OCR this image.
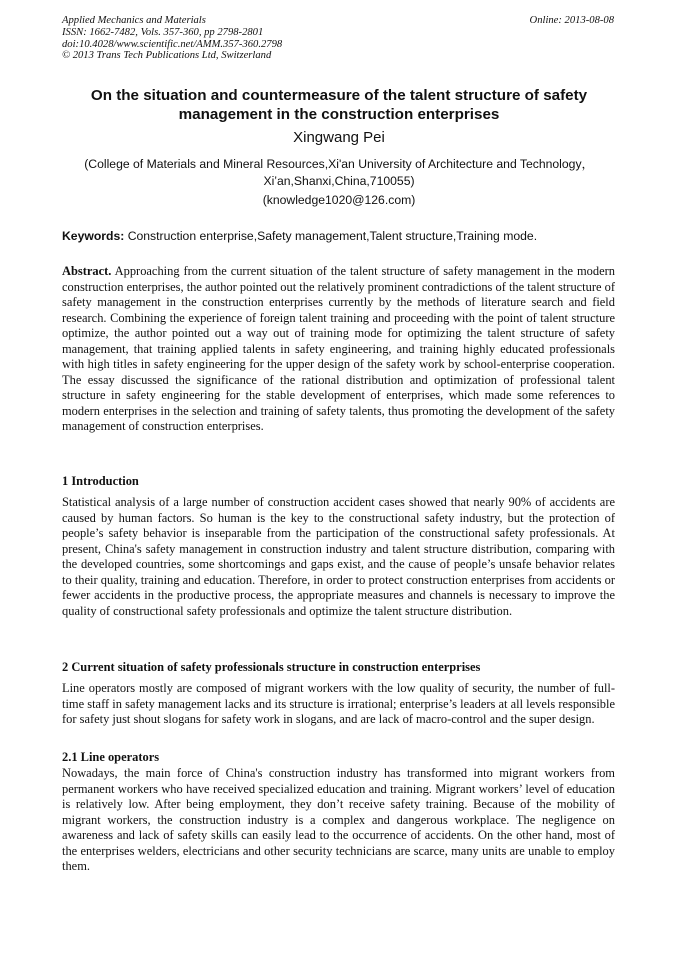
Applied Mechanics and Materials
ISSN: 1662-7482, Vols. 357-360, pp 2798-2801
doi:10.4028/www.scientific.net/AMM.357-360.2798
© 2013 Trans Tech Publications Ltd, Switzerland
Online: 2013-08-08
On the situation and countermeasure of the talent structure of safety management in the construction enterprises
Xingwang Pei
(College of Materials and Mineral Resources,Xi'an University of Architecture and Technology，Xi’an,Shanxi,China,710055)
(knowledge1020@126.com)
Keywords: Construction enterprise,Safety management,Talent structure,Training mode.
Abstract. Approaching from the current situation of the talent structure of safety management in the modern construction enterprises, the author pointed out the relatively prominent contradictions of the talent structure of safety management in the construction enterprises currently by the methods of literature search and field research. Combining the experience of foreign talent training and proceeding with the point of talent structure optimize, the author pointed out a way out of training mode for optimizing the talent structure of safety management, that training applied talents in safety engineering, and training highly educated professionals with high titles in safety engineering for the upper design of the safety work by school-enterprise cooperation. The essay discussed the significance of the rational distribution and optimization of professional talent structure in safety engineering for the stable development of enterprises, which made some references to modern enterprises in the selection and training of safety talents, thus promoting the development of the safety management of construction enterprises.
1 Introduction
Statistical analysis of a large number of construction accident cases showed that nearly 90% of accidents are caused by human factors. So human is the key to the constructional safety industry, but the protection of people’s safety behavior is inseparable from the participation of the constructional safety professionals. At present, China's safety management in construction industry and talent structure distribution, comparing with the developed countries, some shortcomings and gaps exist, and the cause of people’s unsafe behavior relates to their quality, training and education. Therefore, in order to protect construction enterprises from accidents or fewer accidents in the productive process, the appropriate measures and channels is necessary to improve the quality of constructional safety professionals and optimize the talent structure distribution.
2 Current situation of safety professionals structure in construction enterprises
Line operators mostly are composed of migrant workers with the low quality of security, the number of full-time staff in safety management lacks and its structure is irrational; enterprise’s leaders at all levels responsible for safety just shout slogans for safety work in slogans, and are lack of macro-control and the super design.
2.1 Line operators
Nowadays, the main force of China's construction industry has transformed into migrant workers from permanent workers who have received specialized education and training. Migrant workers’ level of education is relatively low. After being employment, they don’t receive safety training. Because of the mobility of migrant workers, the construction industry is a complex and dangerous workplace. The negligence on awareness and lack of safety skills can easily lead to the occurrence of accidents. On the other hand, most of the enterprises welders, electricians and other security technicians are scarce, many units are unable to employ them.
